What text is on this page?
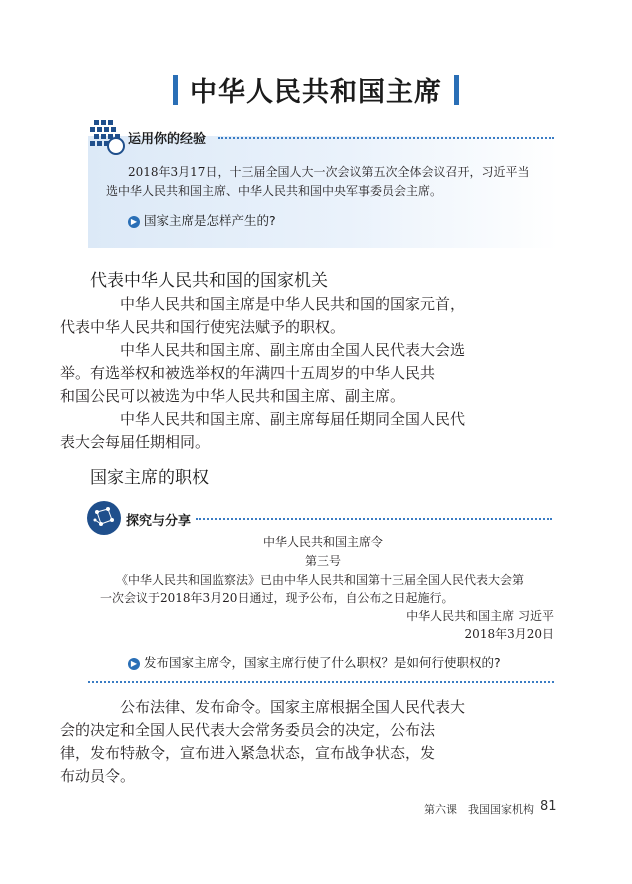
中华人民共和国主席
运用你的经验
2018年3月17日，十三届全国人大一次会议第五次全体会议召开，习近平当
选中华人民共和国主席、中华人民共和国中央军事委员会主席。
▶ 国家主席是怎样产生的?
代表中华人民共和国的国家机关

中华人民共和国主席是中华人民共和国的国家元首，
代表中华人民共和国行使宪法赋予的职权。

中华人民共和国主席、副主席由全国人民代表大会选
举。有选举权和被选举权的年满四十五周岁的中华人民共
和国公民可以被选为中华人民共和国主席、副主席。

中华人民共和国主席、副主席每届任期同全国人民代
表大会每届任期相同。

国家主席的职权
探究与分享
中华人民共和国主席令
第三号
《中华人民共和国监察法》已由中华人民共和国第十三届全国人民代表大会第
一次会议于2018年3月20日通过，现予公布，自公布之日起施行。
中华人民共和国主席 习近平
2018年3月20日
▶ 发布国家主席令，国家主席行使了什么职权？是如何行使职权的?

公布法律、发布命令。国家主席根据全国人民代表大
会的决定和全国人民代表大会常务委员会的决定，公布法
律，发布特赦令，宣布进入紧急状态，宣布战争状态，发
布动员令。

第六课　我国国家机构 81
